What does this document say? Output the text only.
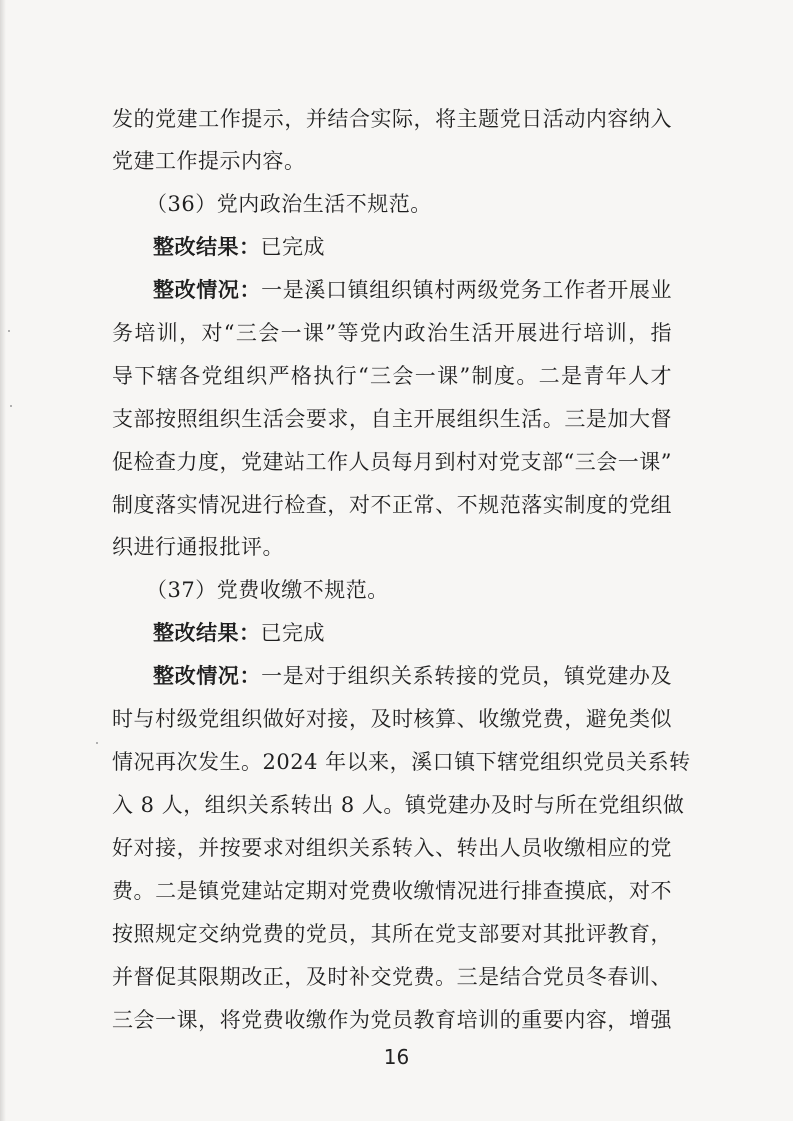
发的党建工作提示，并结合实际，将主题党日活动内容纳入
党建工作提示内容。
（36）党内政治生活不规范。
整改结果：已完成
整改情况：一是溪口镇组织镇村两级党务工作者开展业
务培训，对“三会一课”等党内政治生活开展进行培训，指
导下辖各党组织严格执行“三会一课”制度。二是青年人才
支部按照组织生活会要求，自主开展组织生活。三是加大督
促检查力度，党建站工作人员每月到村对党支部“三会一课”
制度落实情况进行检查，对不正常、不规范落实制度的党组
织进行通报批评。
（37）党费收缴不规范。
整改结果：已完成
整改情况：一是对于组织关系转接的党员，镇党建办及
时与村级党组织做好对接，及时核算、收缴党费，避免类似
情况再次发生。2024 年以来，溪口镇下辖党组织党员关系转
入 8 人，组织关系转出 8 人。镇党建办及时与所在党组织做
好对接，并按要求对组织关系转入、转出人员收缴相应的党
费。二是镇党建站定期对党费收缴情况进行排查摸底，对不
按照规定交纳党费的党员，其所在党支部要对其批评教育，
并督促其限期改正，及时补交党费。三是结合党员冬春训、
三会一课，将党费收缴作为党员教育培训的重要内容，增强
16
